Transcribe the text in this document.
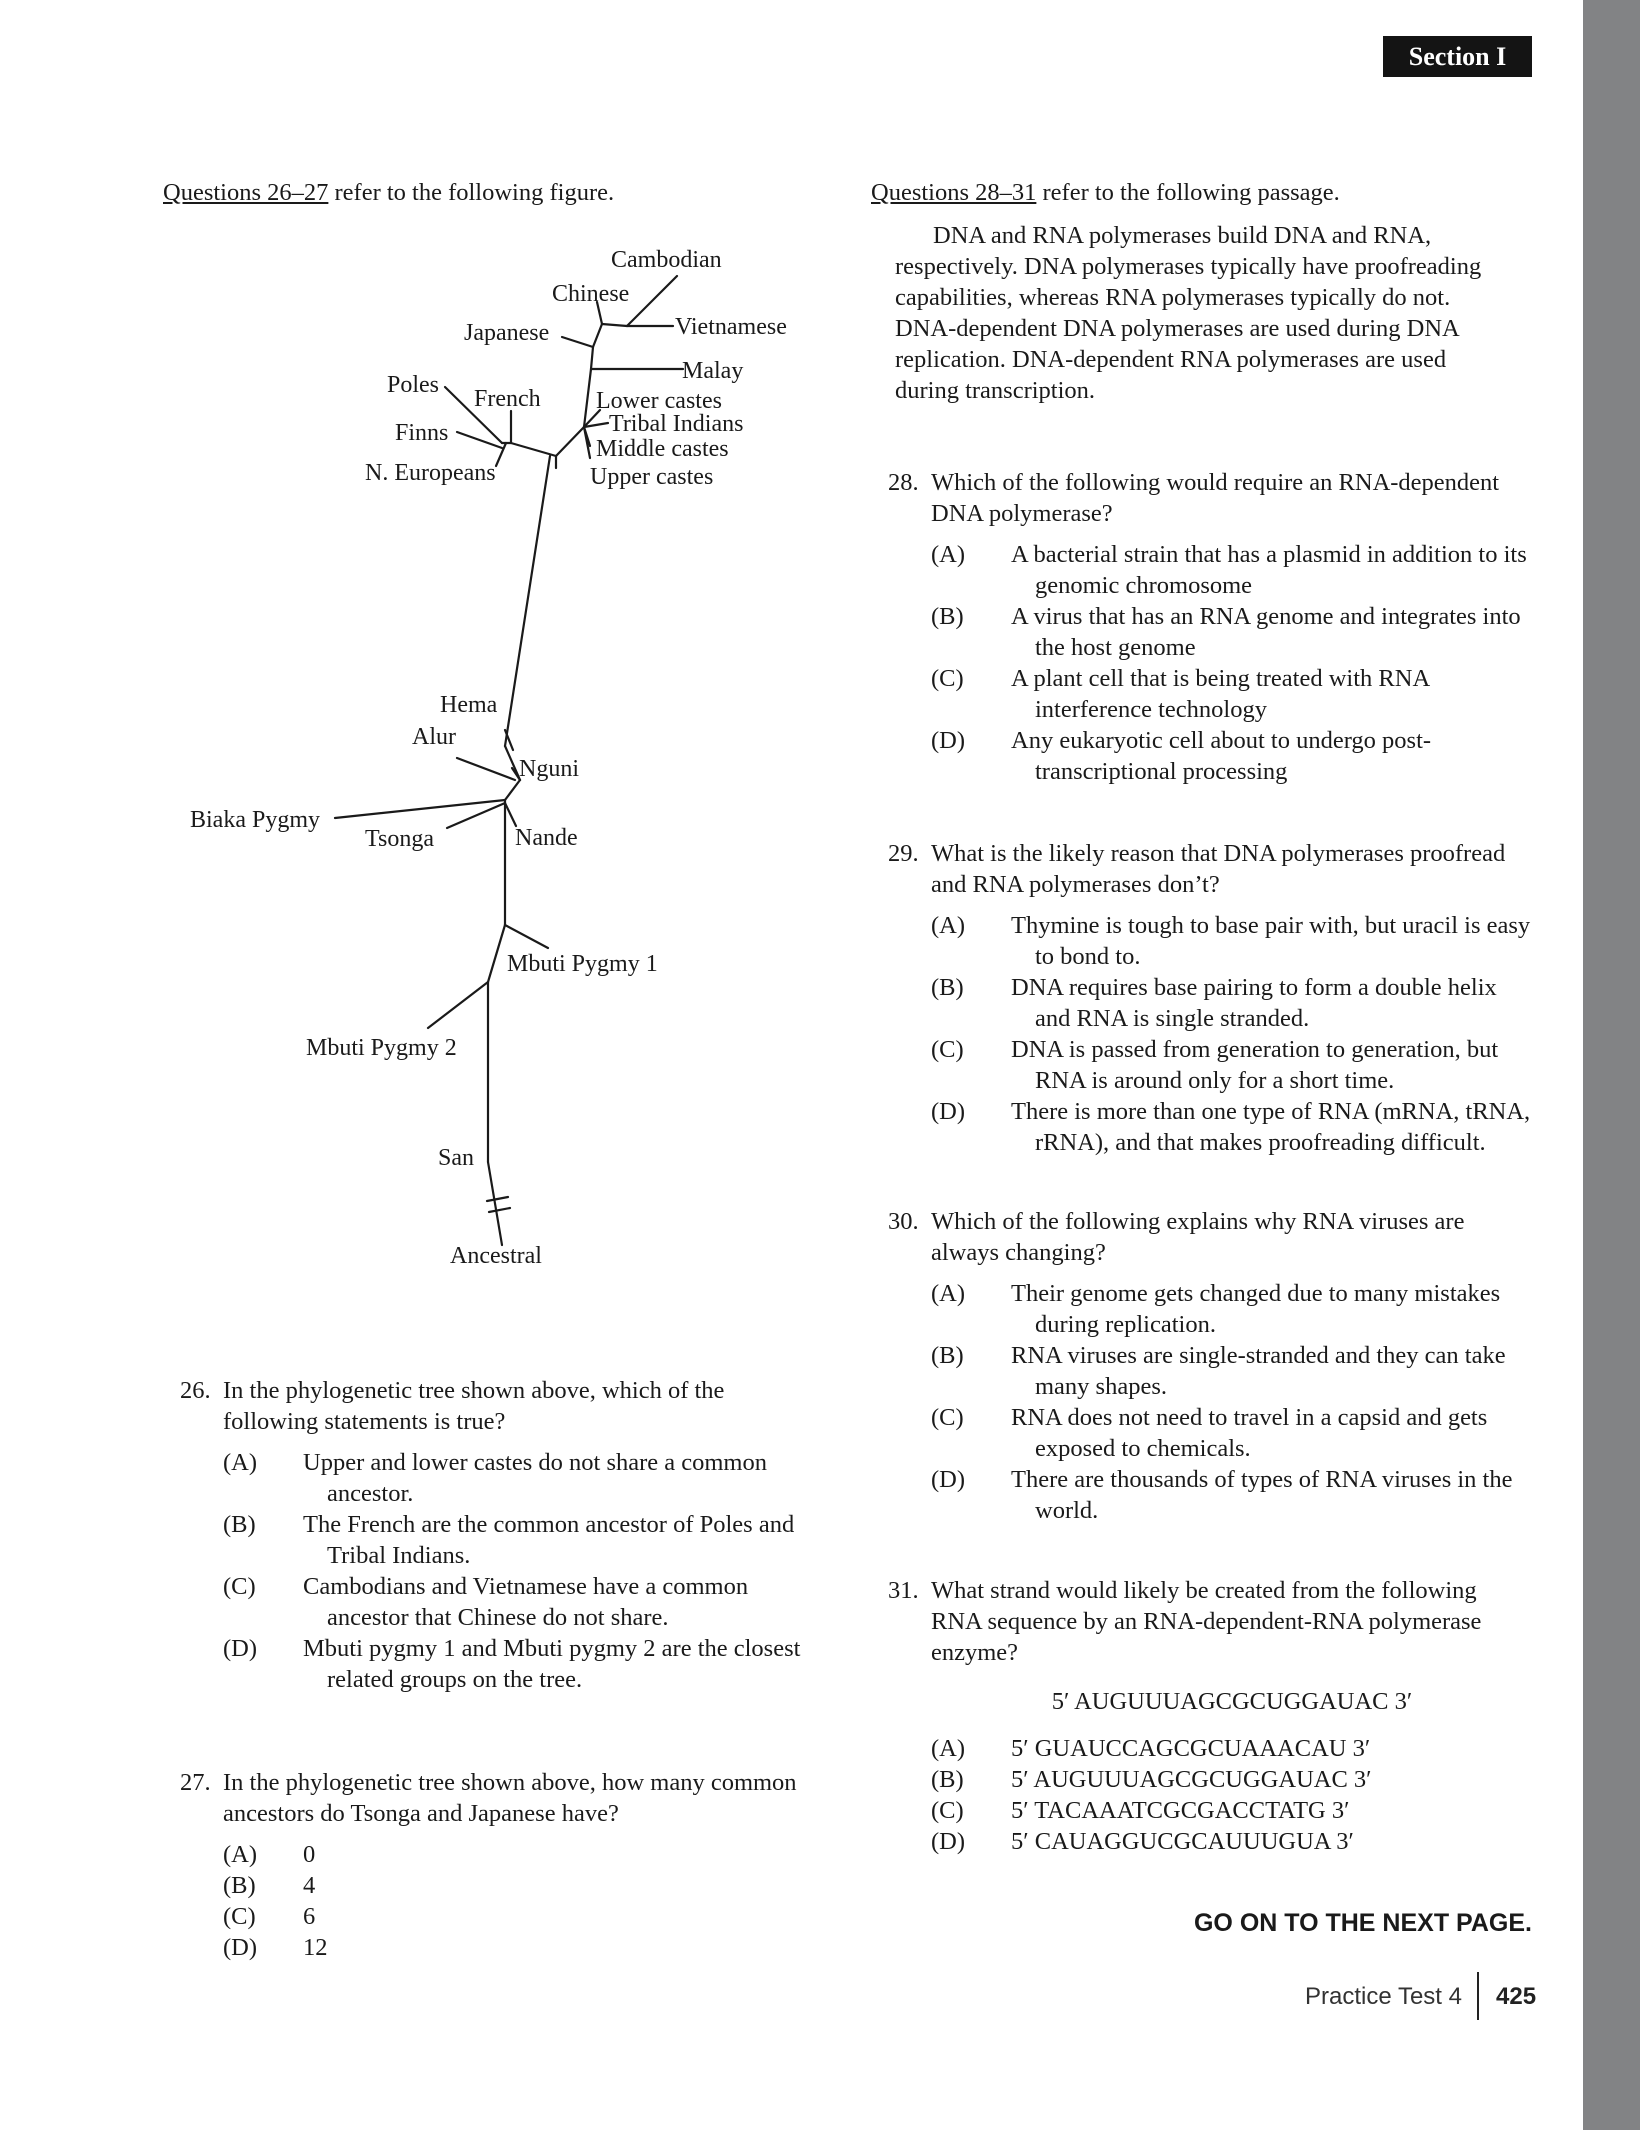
Section I
Questions 26–27 refer to the following figure.
Cambodian
Chinese
Vietnamese
Japanese
Malay
Poles
French Lower castes
Finns	Tribal Indians
Middle castes
N. Europeans	Upper castes
Hema
Alur
Nguni
Biaka Pygmy
Tsonga	Nande
Mbuti Pygmy 1
Mbuti Pygmy 2
San
Ancestral
26. In the phylogenetic tree shown above, which of the following statements is true?
(A)	Upper and lower castes do not share a common ancestor.
(B)	The French are the common ancestor of Poles and Tribal Indians.
(C)	Cambodians and Vietnamese have a common ancestor that Chinese do not share.
(D)	Mbuti pygmy 1 and Mbuti pygmy 2 are the closest related groups on the tree.
27. In the phylogenetic tree shown above, how many common ancestors do Tsonga and Japanese have?
(A)	0
(B)	4
(C)	6
(D)	12
Questions 28–31 refer to the following passage.
DNA and RNA polymerases build DNA and RNA, respectively. DNA polymerases typically have proofreading capabilities, whereas RNA polymerases typically do not. DNA-dependent DNA polymerases are used during DNA replication. DNA-dependent RNA polymerases are used during transcription.
28. Which of the following would require an RNA-dependent DNA polymerase?
(A)	A bacterial strain that has a plasmid in addition to its genomic chromosome
(B)	A virus that has an RNA genome and integrates into the host genome
(C)	A plant cell that is being treated with RNA interference technology
(D)	Any eukaryotic cell about to undergo post-transcriptional processing
29. What is the likely reason that DNA polymerases proofread and RNA polymerases don’t?
(A)	Thymine is tough to base pair with, but uracil is easy to bond to.
(B)	DNA requires base pairing to form a double helix and RNA is single stranded.
(C)	DNA is passed from generation to generation, but RNA is around only for a short time.
(D)	There is more than one type of RNA (mRNA, tRNA, rRNA), and that makes proofreading difficult.
30. Which of the following explains why RNA viruses are always changing?
(A)	Their genome gets changed due to many mistakes during replication.
(B)	RNA viruses are single-stranded and they can take many shapes.
(C)	RNA does not need to travel in a capsid and gets exposed to chemicals.
(D)	There are thousands of types of RNA viruses in the world.
31. What strand would likely be created from the following RNA sequence by an RNA-dependent-RNA polymerase enzyme?
5′ AUGUUUAGCGCUGGAUAC 3′
(A)	5′ GUAUCCAGCGCUAAACAU 3′
(B)	5′ AUGUUUAGCGCUGGAUAC 3′
(C)	5′ TACAAATCGCGACCTATG 3′
(D)	5′ CAUAGGUCGCAUUUGUA 3′
GO ON TO THE NEXT PAGE.
Practice Test 4 425
